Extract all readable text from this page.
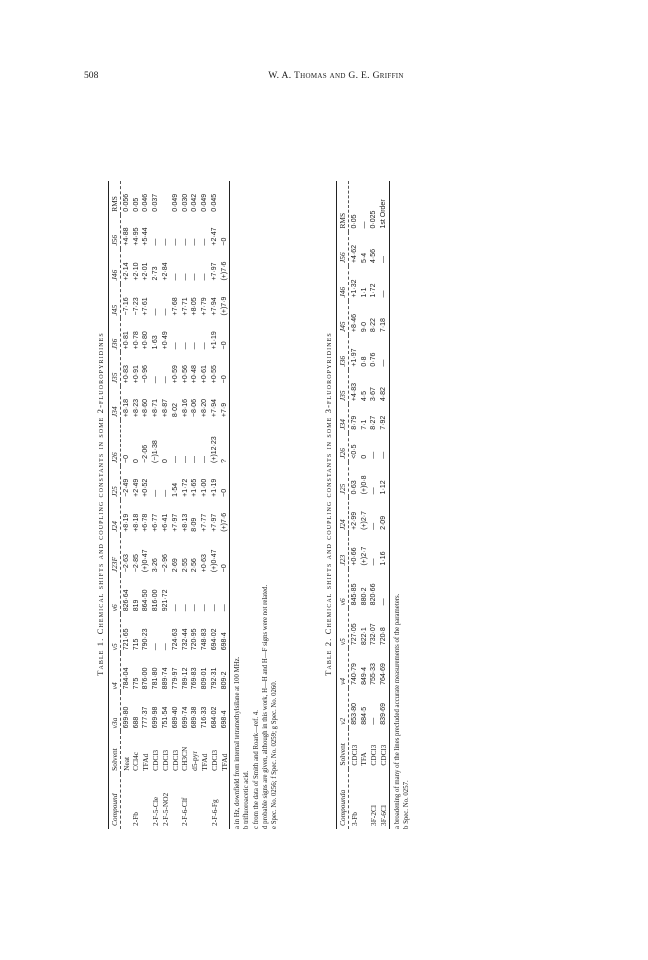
508	W. A. Thomas and G. E. Griffin
Table 1. Chemical shifts and coupling constants in some 2-fluoropyridines
Compound	Solvent	ν3a	ν4	ν5	ν6	J23F	J24	J25	J26	J34	J35	J36	J45	J46	J56	RMS
	Neat	699·80	784·04	721·65	826·64	−2·63	+8·19	−2·49	~0	+8·18	+0·83	+0·81	−7·16	+2·14	+4·88	0·056
2-Fb	CCl4c	688	775	715	819	−2·85	+8·18	+2·49	0	+8·23	+0·91	+0·78	−7·23	+2·10	+4·95	0·05
	TFAd	777·37	876·00	790·23	864·50	(+)0·47	+6·78	+0·52	−2·06	+8·60	−0·96	+0·80	+7·61	+2·01	+5·44	0·046
2-F-5-Cle	CDCl3	699·98	781·80	—	816·00	3·26	+6·77	—	(−)1·38	+8·71	—	1·63	—	2·73	—	0·037
2-F-5-NO2	CDCl3	751·54	889·74	—	921·72	−2·96	+6·41	—	0	+8·87	—	+0·49	—	+2·84	—	
	CDCl3	689·40	779·97	724·63	—	2·69	+7·97	1·54	—	8·02	+0·59	—	+7·68	—	—	0·049
2-F-6-Clf	CH3CN	699·74	789·12	732·44	—	2·55	+8·13	+1·72	—	+8·16	+0·56	—	+7·71	—	—	0·030
	d5-pyr	689·38	769·83	720·95	—	2·56	8·09	+1·65	—	−8·06	+0·48	—	+8·05	—	—	0·042
	TFAd	716·33	809·01	748·83	—	+0·63	+7·77	+1·00	—	+8·20	+0·61	—	+7·79	—	—	0·049
2-F-6-Fg	CDCl3	684·02	792·31	694·02	—	(+)0·47	+7·97	+1·19	(+)12·23	+7·94	+0·55	+1·19	+7·94	+7·97	+2·47	0·045
	TFAd	698·4	809·2	698·4	—	~0	(+)7·6	~0	?	+7·9	~0	~0	(+)7·9	(+)7·6	~0	
a in Hz, downfield from internal tetramethylsilane at 100 MHz. b trifluoroacetic acid. c from the data of Smith and Roark—ref. 4. d probable signs are given, although in this work, H—H and H—F signs were not related. e Spec. No. 0256; f Spec. No. 0259; g Spec. No. 0260.
Table 2. Chemical shifts and coupling constants in some 3-fluoropyridines
Compounda	Solvent	ν2	ν4	ν5	ν6	J23	J24	J25	J26	J34	J35	J36	J45	J46	J56	RMS
3-Fb	CDCl3	853·80	740·79	727·05	845·85	+0·66	+2·99	0·63	<0·5	8·79	+4·83	+1·97	+8·46	+1·32	+4·62	0·05
	TFA	884·5	849·4	822·1	880·2	(+)2·7	(+)2·7	(+)0·8	0	7·1	4·5	0·8	9·0	1·1	5·4	—
3F-2Cl	CDCl3	—	755·33	732·07	820·66	—	—	—	—	8·27	3·67	0·76	8·22	1·72	4·56	0·025
3F-6Cl	CDCl3	839·69	764·69	720·8	—	1·16	2·09	1·12	—	7·92	4·82	—	7·18	—	—	1st Order
a broadening of many of the lines precluded accurate measurements of the parameters. b Spec. No. 0257.
